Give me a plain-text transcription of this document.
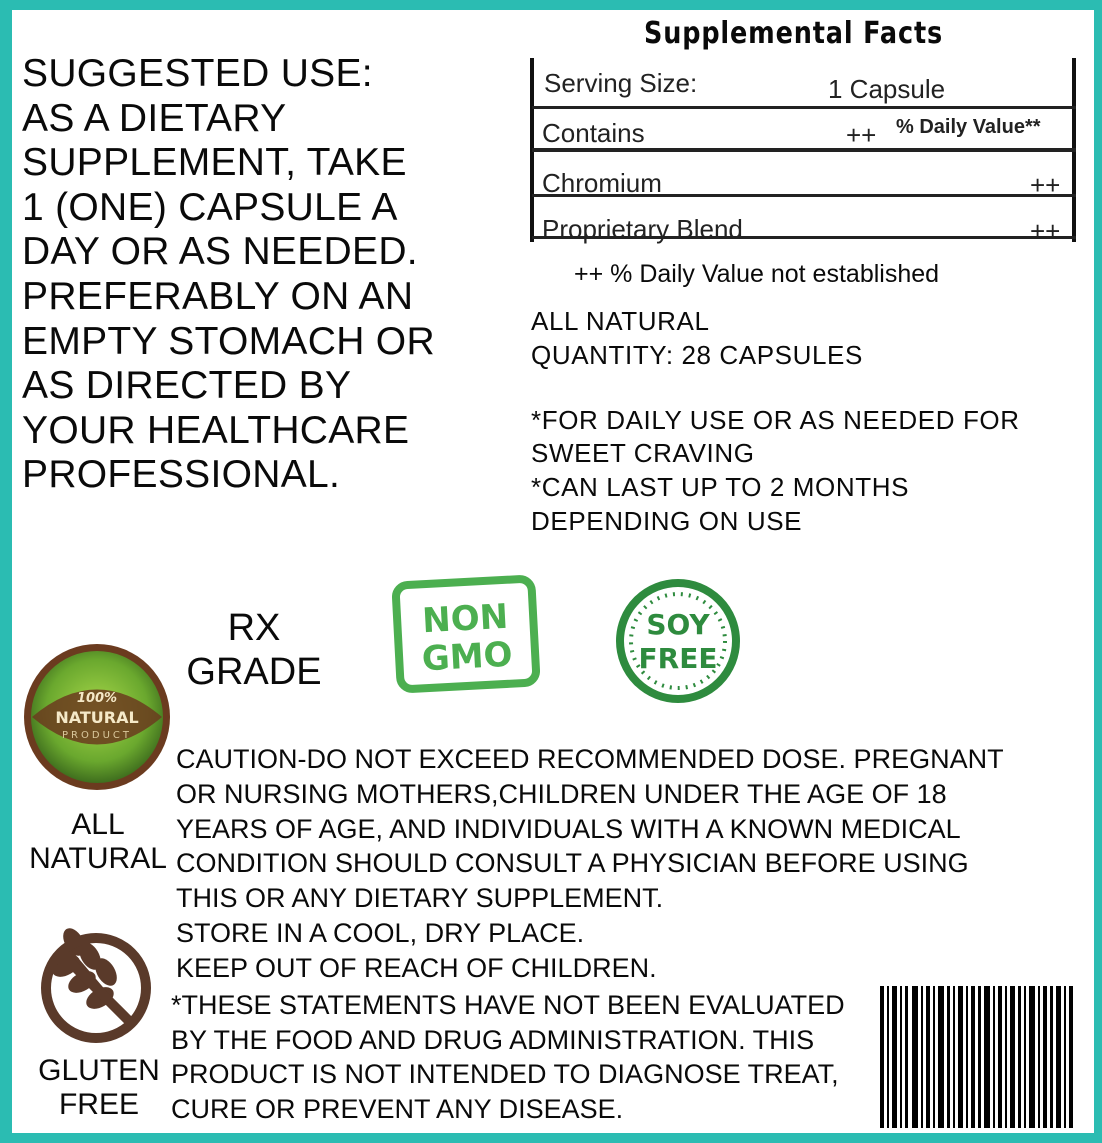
SUGGESTED USE:
AS A DIETARY
SUPPLEMENT, TAKE
1 (ONE) CAPSULE A
DAY OR AS NEEDED.
PREFERABLY ON AN
EMPTY STOMACH OR
AS DIRECTED BY
YOUR HEALTHCARE
PROFESSIONAL.
Supplemental Facts
Serving Size:	1 Capsule
Contains	++ % Daily Value**
Chromium	++
Proprietary Blend	++
++ % Daily Value not established
ALL NATURAL
QUANTITY: 28 CAPSULES
*FOR DAILY USE OR AS NEEDED FOR
SWEET CRAVING
*CAN LAST UP TO 2 MONTHS
DEPENDING ON USE
RX
GRADE
NON
GMO
SOY
FREE
100%
NATURAL
PRODUCT
ALL
NATURAL
GLUTEN
FREE
CAUTION-DO NOT EXCEED RECOMMENDED DOSE. PREGNANT
OR NURSING MOTHERS,CHILDREN UNDER THE AGE OF 18
YEARS OF AGE, AND INDIVIDUALS WITH A KNOWN MEDICAL
CONDITION SHOULD CONSULT A PHYSICIAN BEFORE USING
THIS OR ANY DIETARY SUPPLEMENT.
STORE IN A COOL, DRY PLACE.
KEEP OUT OF REACH OF CHILDREN.
*THESE STATEMENTS HAVE NOT BEEN EVALUATED
BY THE FOOD AND DRUG ADMINISTRATION. THIS
PRODUCT IS NOT INTENDED TO DIAGNOSE TREAT,
CURE OR PREVENT ANY DISEASE.
